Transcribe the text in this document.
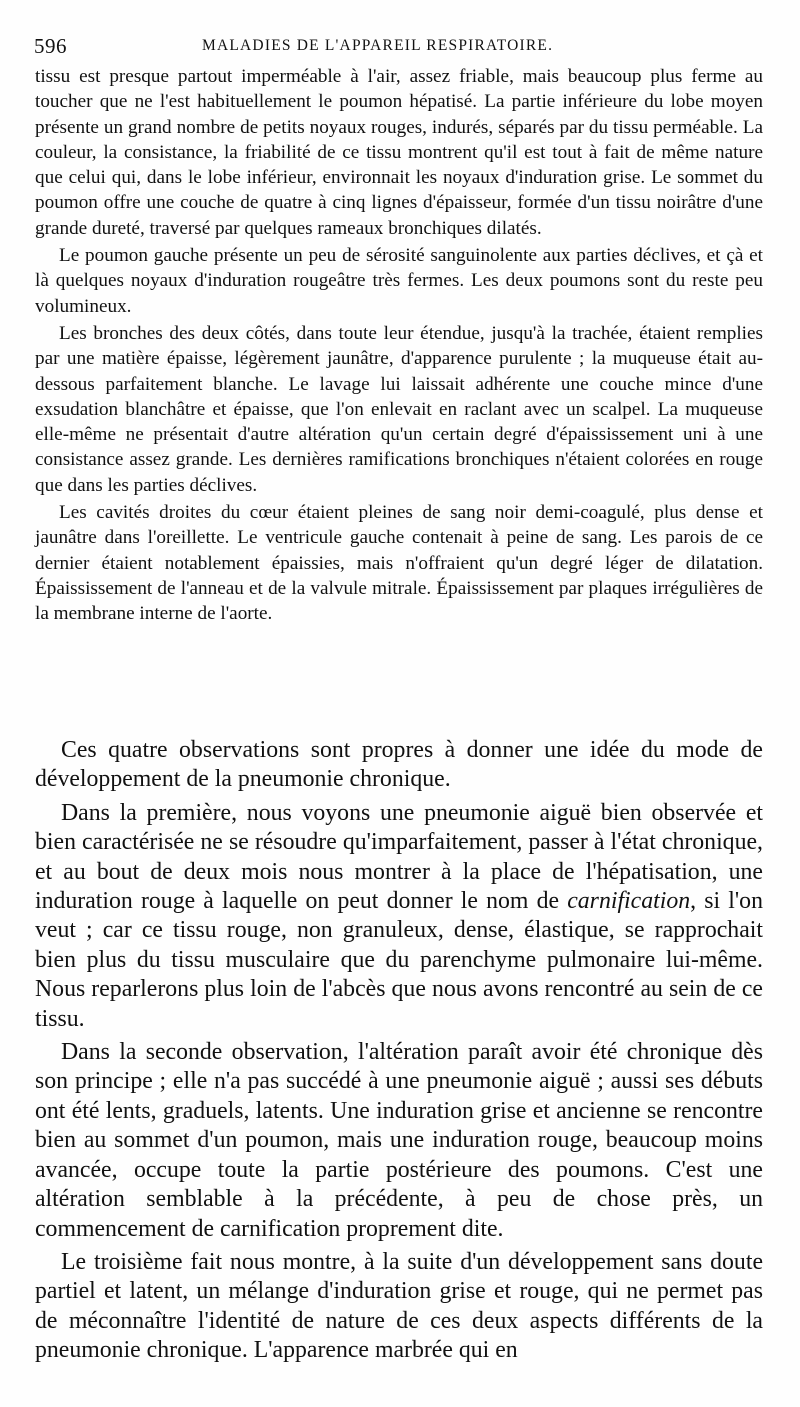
596	MALADIES DE L'APPAREIL RESPIRATOIRE.

tissu est presque partout imperméable à l'air, assez friable, mais beaucoup plus ferme au toucher que ne l'est habituellement le poumon hépatisé. La partie inférieure du lobe moyen présente un grand nombre de petits noyaux rouges, indurés, séparés par du tissu perméable. La couleur, la consistance, la friabilité de ce tissu montrent qu'il est tout à fait de même nature que celui qui, dans le lobe inférieur, environnait les noyaux d'induration grise. Le sommet du poumon offre une couche de quatre à cinq lignes d'épaisseur, formée d'un tissu noirâtre d'une grande dureté, traversé par quelques rameaux bronchiques dilatés.

Le poumon gauche présente un peu de sérosité sanguinolente aux parties déclives, et çà et là quelques noyaux d'induration rougeâtre très fermes. Les deux poumons sont du reste peu volumineux.

Les bronches des deux côtés, dans toute leur étendue, jusqu'à la trachée, étaient remplies par une matière épaisse, légèrement jaunâtre, d'apparence purulente ; la muqueuse était au-dessous parfaitement blanche. Le lavage lui laissait adhérente une couche mince d'une exsudation blanchâtre et épaisse, que l'on enlevait en raclant avec un scalpel. La muqueuse elle-même ne présentait d'autre altération qu'un certain degré d'épaississement uni à une consistance assez grande. Les dernières ramifications bronchiques n'étaient colorées en rouge que dans les parties déclives.

Les cavités droites du cœur étaient pleines de sang noir demi-coagulé, plus dense et jaunâtre dans l'oreillette. Le ventricule gauche contenait à peine de sang. Les parois de ce dernier étaient notablement épaissies, mais n'offraient qu'un degré léger de dilatation. Épaississement de l'anneau et de la valvule mitrale. Épaississement par plaques irrégulières de la membrane interne de l'aorte.

Ces quatre observations sont propres à donner une idée du mode de développement de la pneumonie chronique.

Dans la première, nous voyons une pneumonie aiguë bien observée et bien caractérisée ne se résoudre qu'imparfaitement, passer à l'état chronique, et au bout de deux mois nous montrer à la place de l'hépatisation, une induration rouge à laquelle on peut donner le nom de carnification, si l'on veut ; car ce tissu rouge, non granuleux, dense, élastique, se rapprochait bien plus du tissu musculaire que du parenchyme pulmonaire lui-même. Nous reparlerons plus loin de l'abcès que nous avons rencontré au sein de ce tissu.

Dans la seconde observation, l'altération paraît avoir été chronique dès son principe ; elle n'a pas succédé à une pneumonie aiguë ; aussi ses débuts ont été lents, graduels, latents. Une induration grise et ancienne se rencontre bien au sommet d'un poumon, mais une induration rouge, beaucoup moins avancée, occupe toute la partie postérieure des poumons. C'est une altération semblable à la précédente, à peu de chose près, un commencement de carnification proprement dite.

Le troisième fait nous montre, à la suite d'un développement sans doute partiel et latent, un mélange d'induration grise et rouge, qui ne permet pas de méconnaître l'identité de nature de ces deux aspects différents de la pneumonie chronique. L'apparence marbrée qui en
